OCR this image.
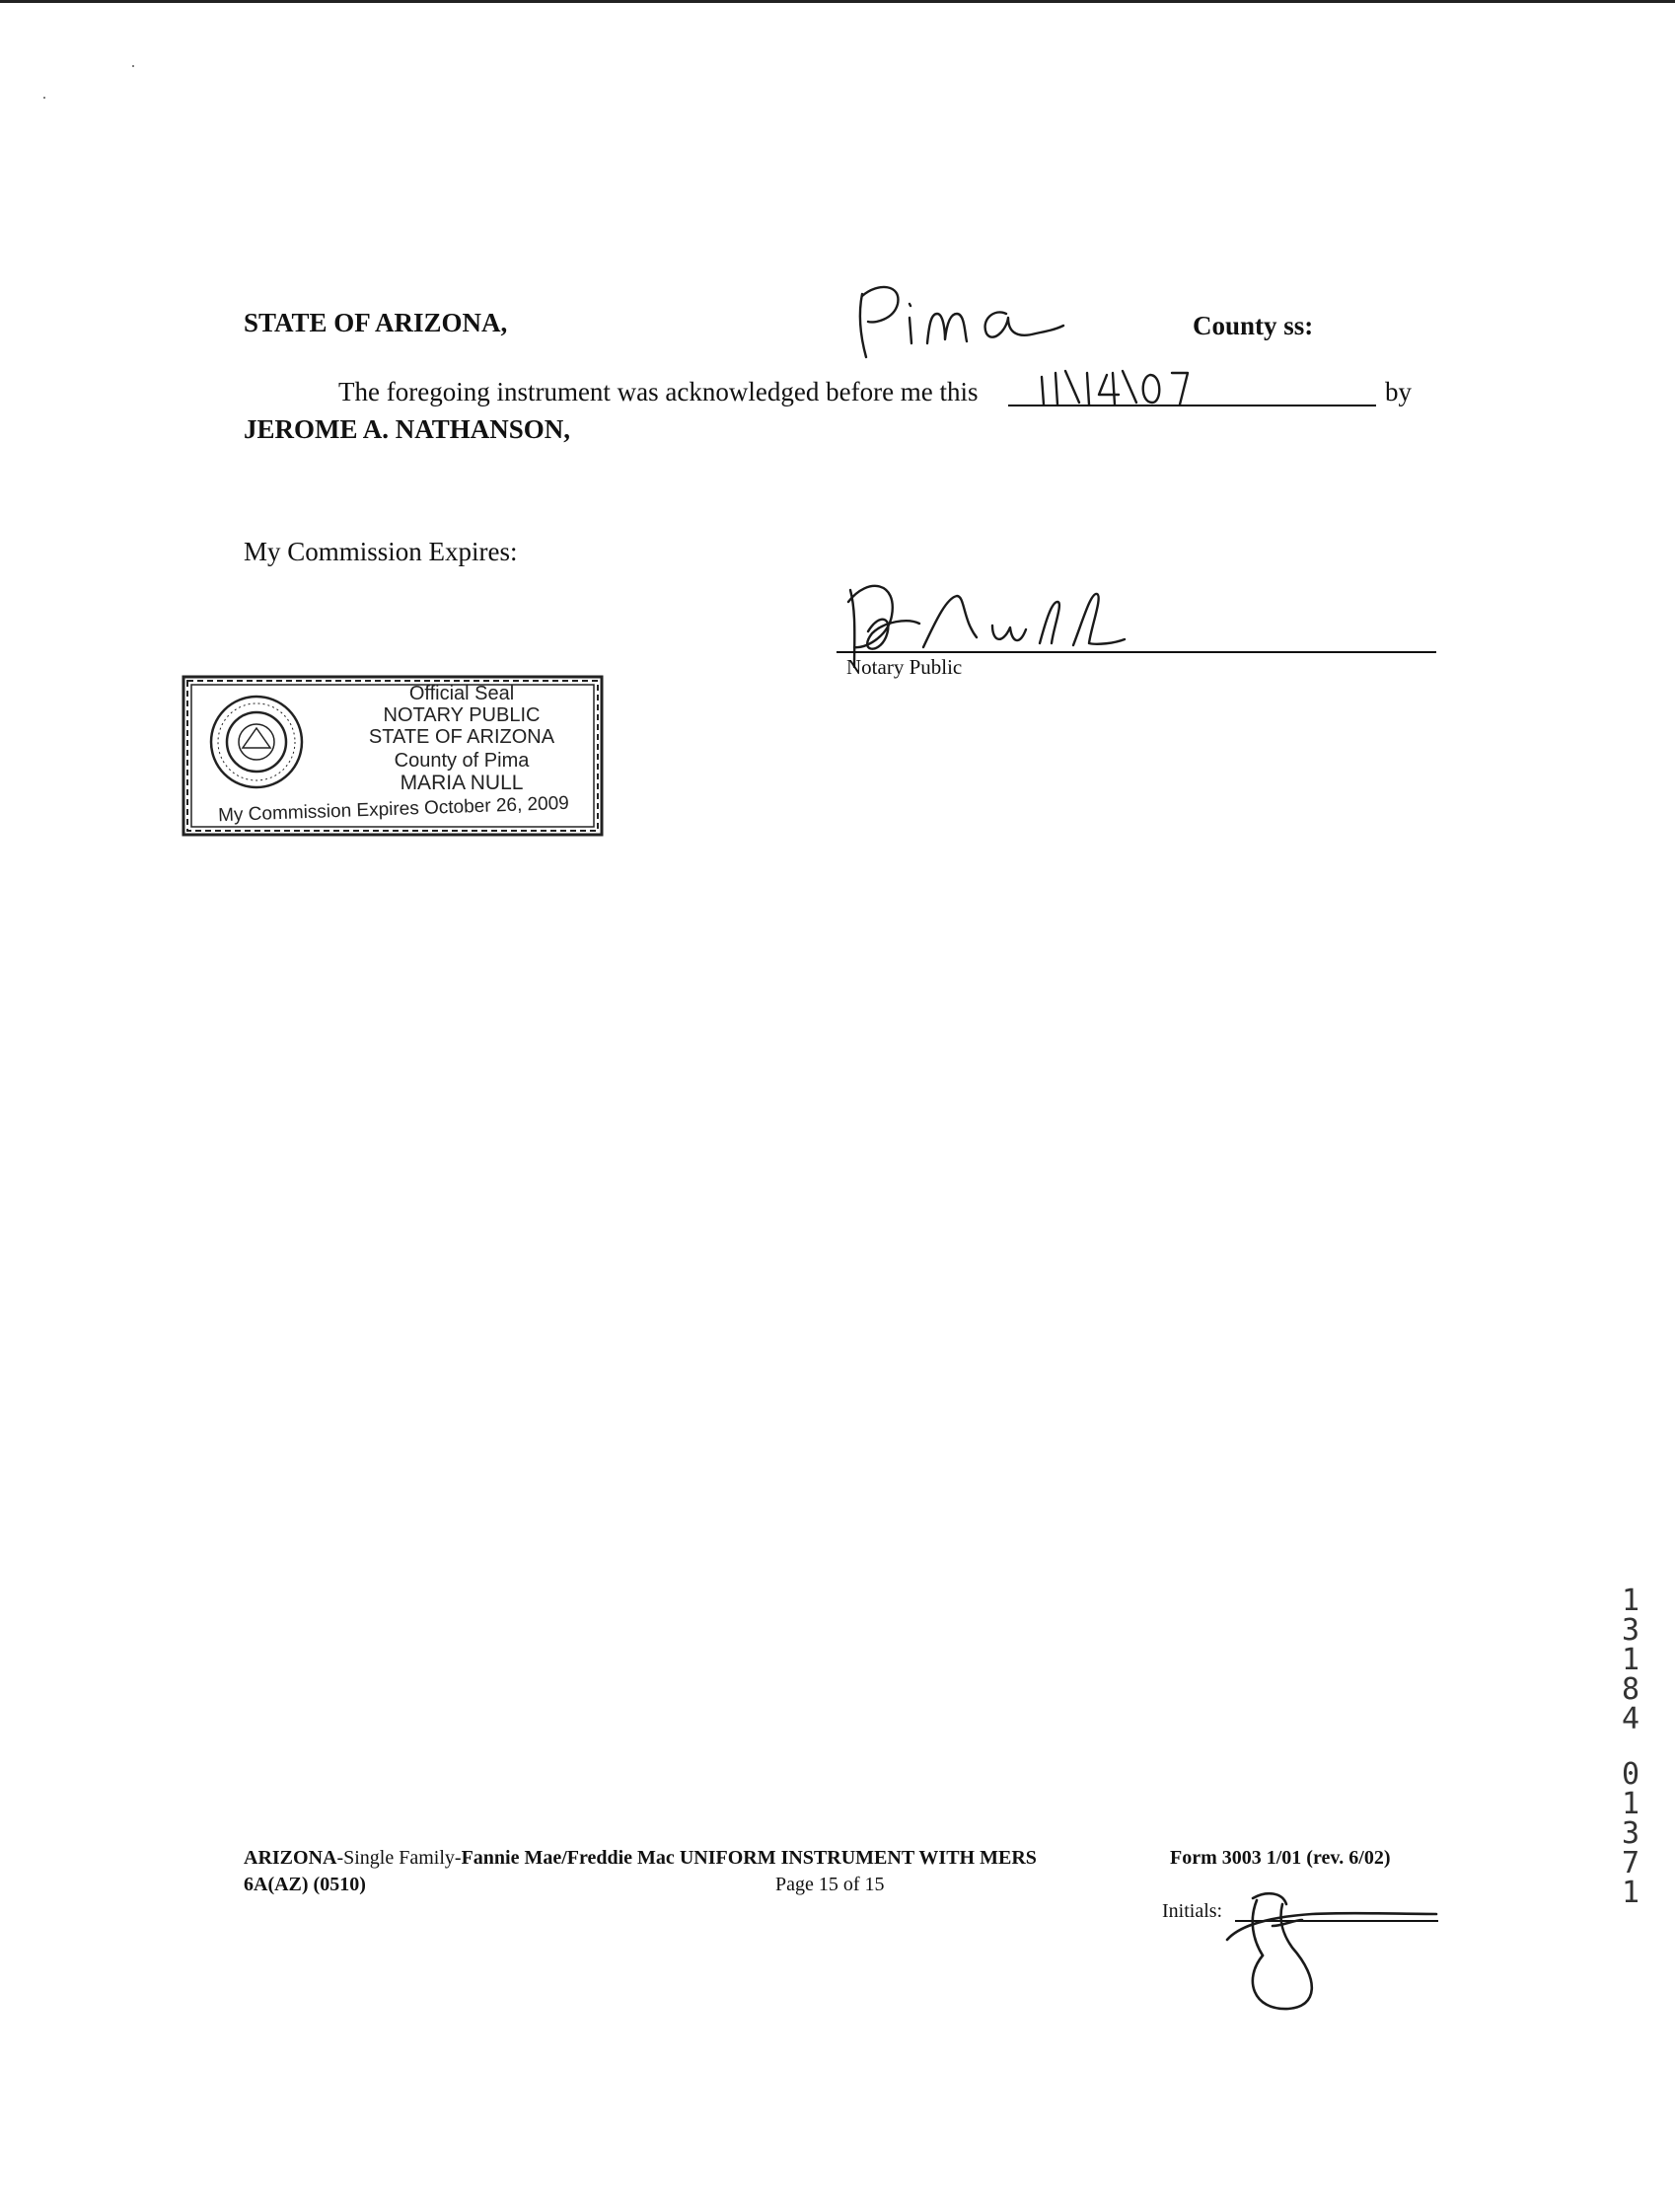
STATE OF ARIZONA,	County ss:
The foregoing instrument was acknowledged before me this	by
JEROME A. NATHANSON,
My Commission Expires:
Notary Public
Official Seal
NOTARY PUBLIC
STATE OF ARIZONA
County of Pima
MARIA NULL
My Commission Expires October 26, 2009
1
3
1
8
4
0
1
3
7
1
ARIZONA-Single Family-Fannie Mae/Freddie Mac UNIFORM INSTRUMENT WITH MERS
6A(AZ) (0510)	Page 15 of 15
Form 3003 1/01 (rev. 6/02)
Initials:
